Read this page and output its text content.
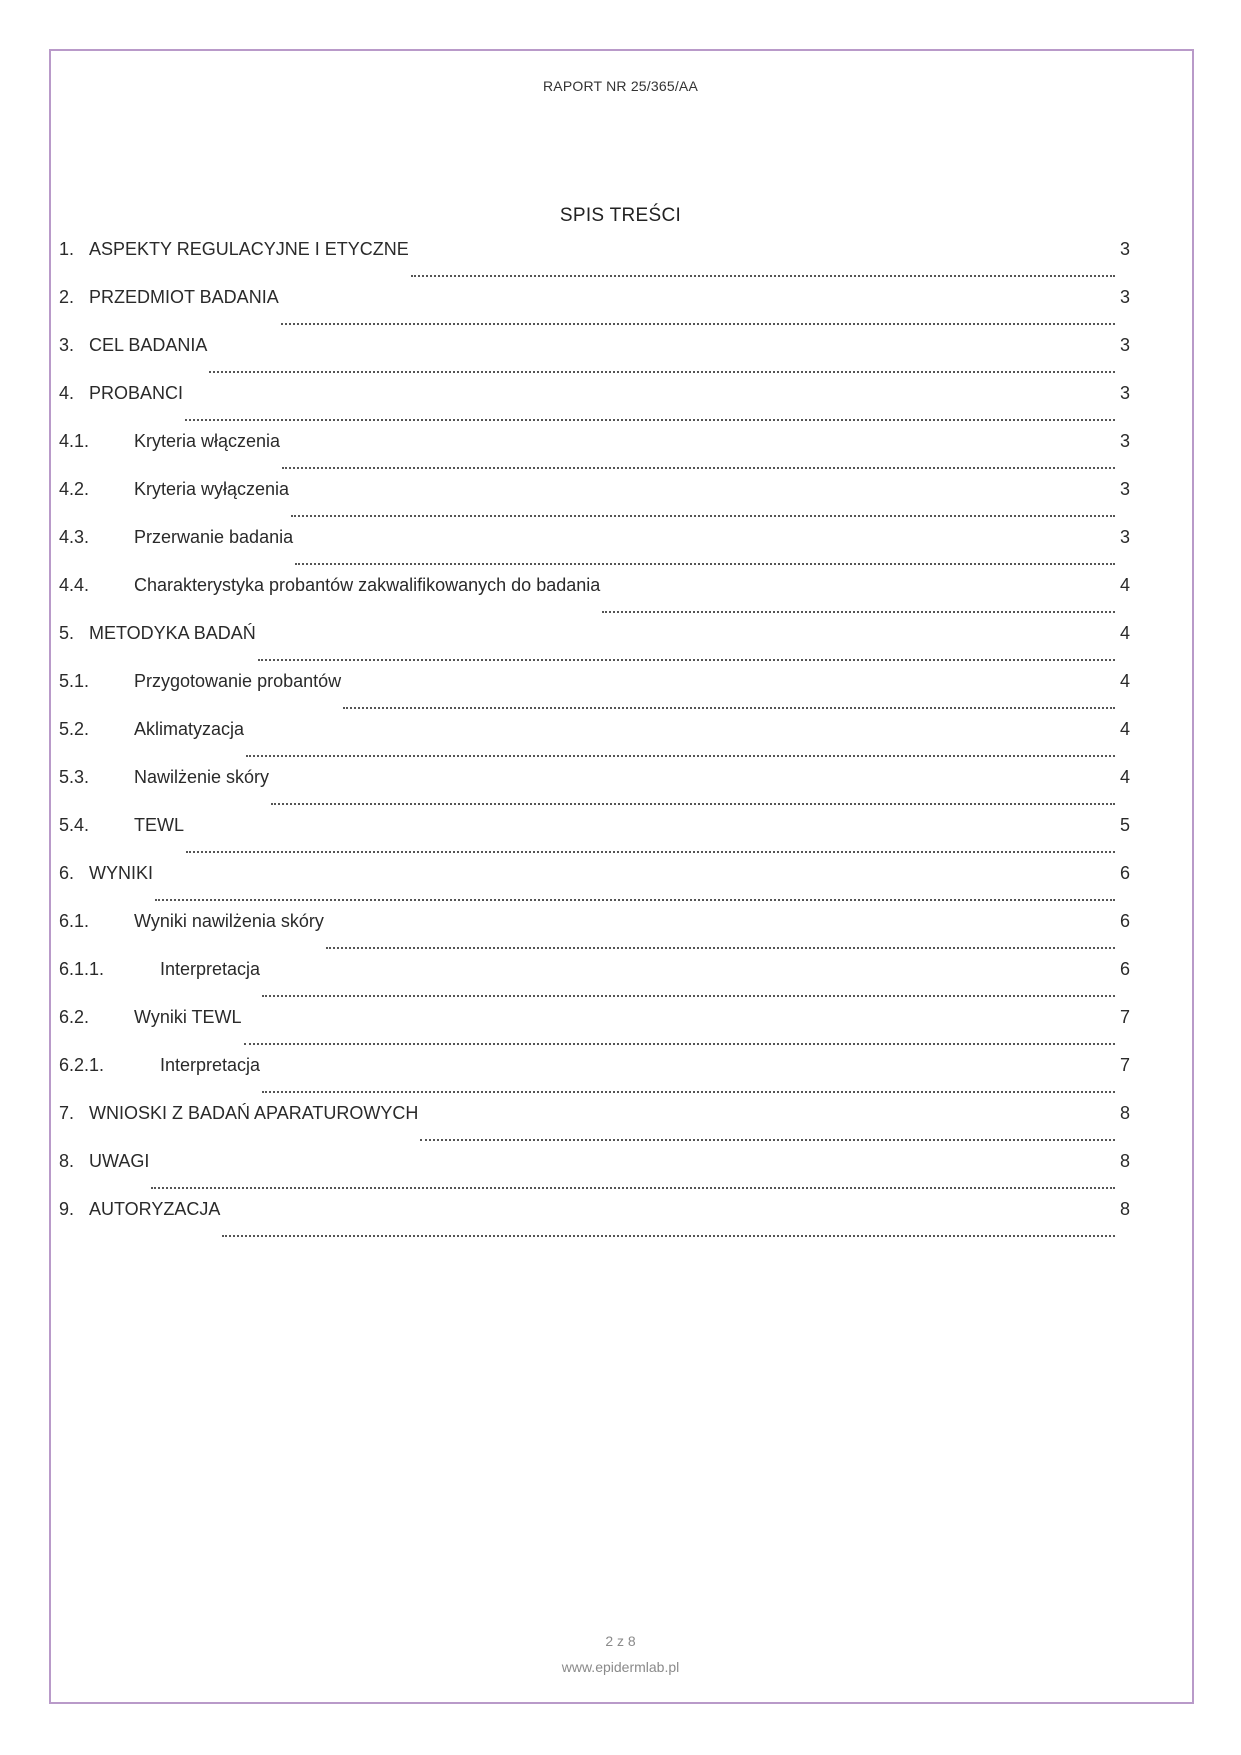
RAPORT NR 25/365/AA
SPIS TREŚCI
1. ASPEKTY REGULACYJNE I ETYCZNE	3
2. PRZEDMIOT BADANIA	3
3. CEL BADANIA	3
4. PROBANCI	3
4.1.	Kryteria włączenia	3
4.2.	Kryteria wyłączenia	3
4.3.	Przerwanie badania	3
4.4.	Charakterystyka probantów zakwalifikowanych do badania	4
5. METODYKA BADAŃ	4
5.1.	Przygotowanie probantów	4
5.2.	Aklimatyzacja	4
5.3.	Nawilżenie skóry	4
5.4.	TEWL	5
6. WYNIKI	6
6.1.	Wyniki nawilżenia skóry	6
6.1.1.	Interpretacja	6
6.2.	Wyniki TEWL	7
6.2.1.	Interpretacja	7
7. WNIOSKI Z BADAŃ APARATUROWYCH	8
8. UWAGI	8
9. AUTORYZACJA	8
2 z 8
www.epidermlab.pl
